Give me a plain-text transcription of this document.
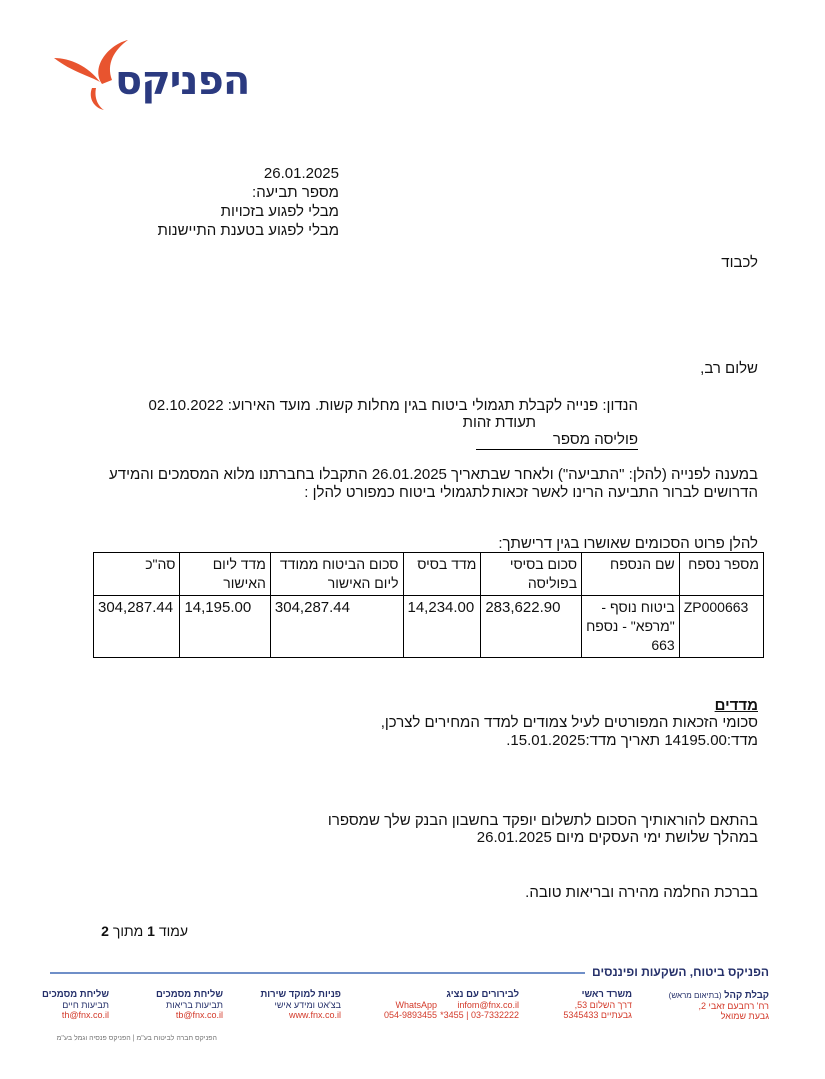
הפניקס
26.01.2025
מספר תביעה:
מבלי לפגוע בזכויות
מבלי לפגוע בטענת התיישנות
לכבוד
שלום רב,
הנדון: פנייה לקבלת תגמולי ביטוח בגין מחלות קשות. מועד האירוע: 02.10.2022
תעודת זהות
פוליסה מספר
במענה לפנייה (להלן: "התביעה") ולאחר שבתאריך 26.01.2025 התקבלו בחברתנו מלוא המסמכים והמידע
הדרושים לברור התביעה הרינו לאשר זכאות
לתגמולי ביטוח כמפורט להלן :
להלן פרוט הסכומים שאושרו בגין דרישתך:
מספר נספח	שם הנספח	סכום בסיסי בפוליסה	מדד בסיס	סכום הביטוח ממודד ליום האישור	מדד ליום האישור	סה"כ
ZP000663	ביטוח נוסף - "מרפא" - נספח 663	283,622.90	14,234.00	304,287.44	14,195.00	304,287.44
מדדים
סכומי הזכאות המפורטים לעיל צמודים למדד המחירים לצרכן,
מדד:14195.00 תאריך מדד:15.01.2025.
בהתאם להוראותיך הסכום לתשלום יופקד בחשבון הבנק שלך שמספרו
במהלך שלושת ימי העסקים מיום 26.01.2025
בברכת החלמה מהירה ובריאות טובה.
עמוד 1 מתוך 2
הפניקס ביטוח, השקעות ופיננסים
קבלת קהל (בתיאום מראש)
רח' רחבעם זאבי 2,
גבעת שמואל
משרד ראשי
דרך השלום 53,
גבעתיים 5345433
לבירורים עם נציג
infom@fnx.co.il
*3455 | 03-7332222
WhatsApp
054-9893455
פניות למוקד שירות
בצ'אט ומידע אישי
www.fnx.co.il
שליחת מסמכים
תביעות בריאות
tb@fnx.co.il
שליחת מסמכים
תביעות חיים
th@fnx.co.il
הפניקס חברה לביטוח בע"מ | הפניקס פנסיה וגמל בע"מ
